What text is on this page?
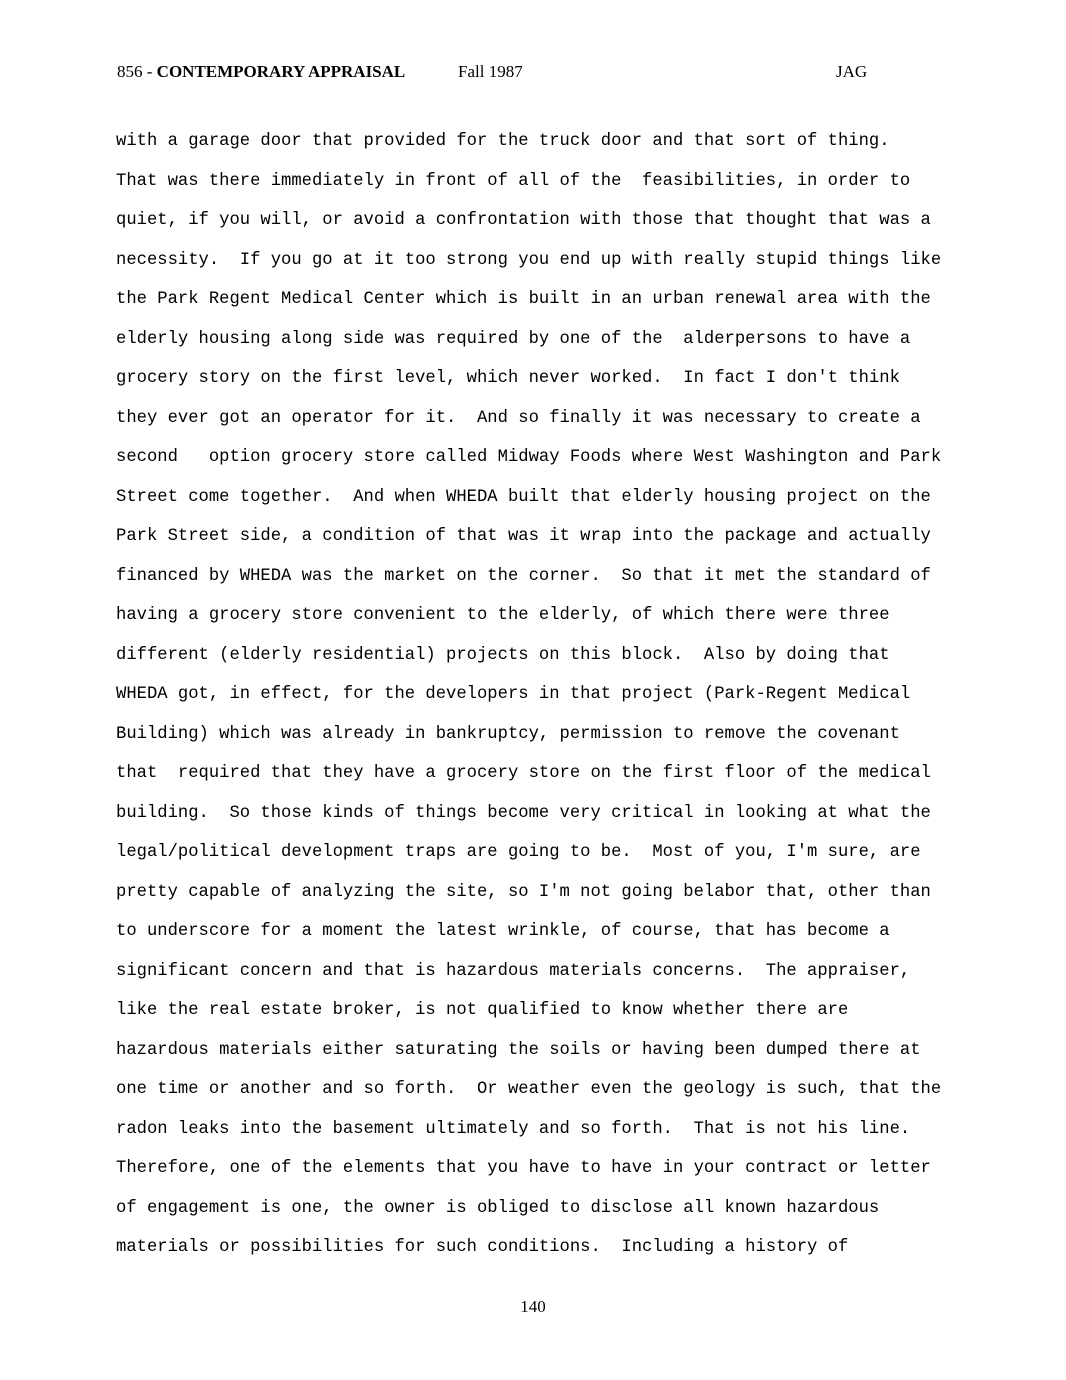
856 - CONTEMPORARY APPRAISAL	Fall 1987	JAG
with a garage door that provided for the truck door and that sort of thing.
That was there immediately in front of all of the  feasibilities, in order to
quiet, if you will, or avoid a confrontation with those that thought that was a
necessity.  If you go at it too strong you end up with really stupid things like
the Park Regent Medical Center which is built in an urban renewal area with the
elderly housing along side was required by one of the  alderpersons to have a
grocery story on the first level, which never worked.  In fact I don't think
they ever got an operator for it.  And so finally it was necessary to create a
second   option grocery store called Midway Foods where West Washington and Park
Street come together.  And when WHEDA built that elderly housing project on the
Park Street side, a condition of that was it wrap into the package and actually
financed by WHEDA was the market on the corner.  So that it met the standard of
having a grocery store convenient to the elderly, of which there were three
different (elderly residential) projects on this block.  Also by doing that
WHEDA got, in effect, for the developers in that project (Park-Regent Medical
Building) which was already in bankruptcy, permission to remove the covenant
that  required that they have a grocery store on the first floor of the medical
building.  So those kinds of things become very critical in looking at what the
legal/political development traps are going to be.  Most of you, I'm sure, are
pretty capable of analyzing the site, so I'm not going belabor that, other than
to underscore for a moment the latest wrinkle, of course, that has become a
significant concern and that is hazardous materials concerns.  The appraiser,
like the real estate broker, is not qualified to know whether there are
hazardous materials either saturating the soils or having been dumped there at
one time or another and so forth.  Or weather even the geology is such, that the
radon leaks into the basement ultimately and so forth.  That is not his line.
Therefore, one of the elements that you have to have in your contract or letter
of engagement is one, the owner is obliged to disclose all known hazardous
materials or possibilities for such conditions.  Including a history of
140
